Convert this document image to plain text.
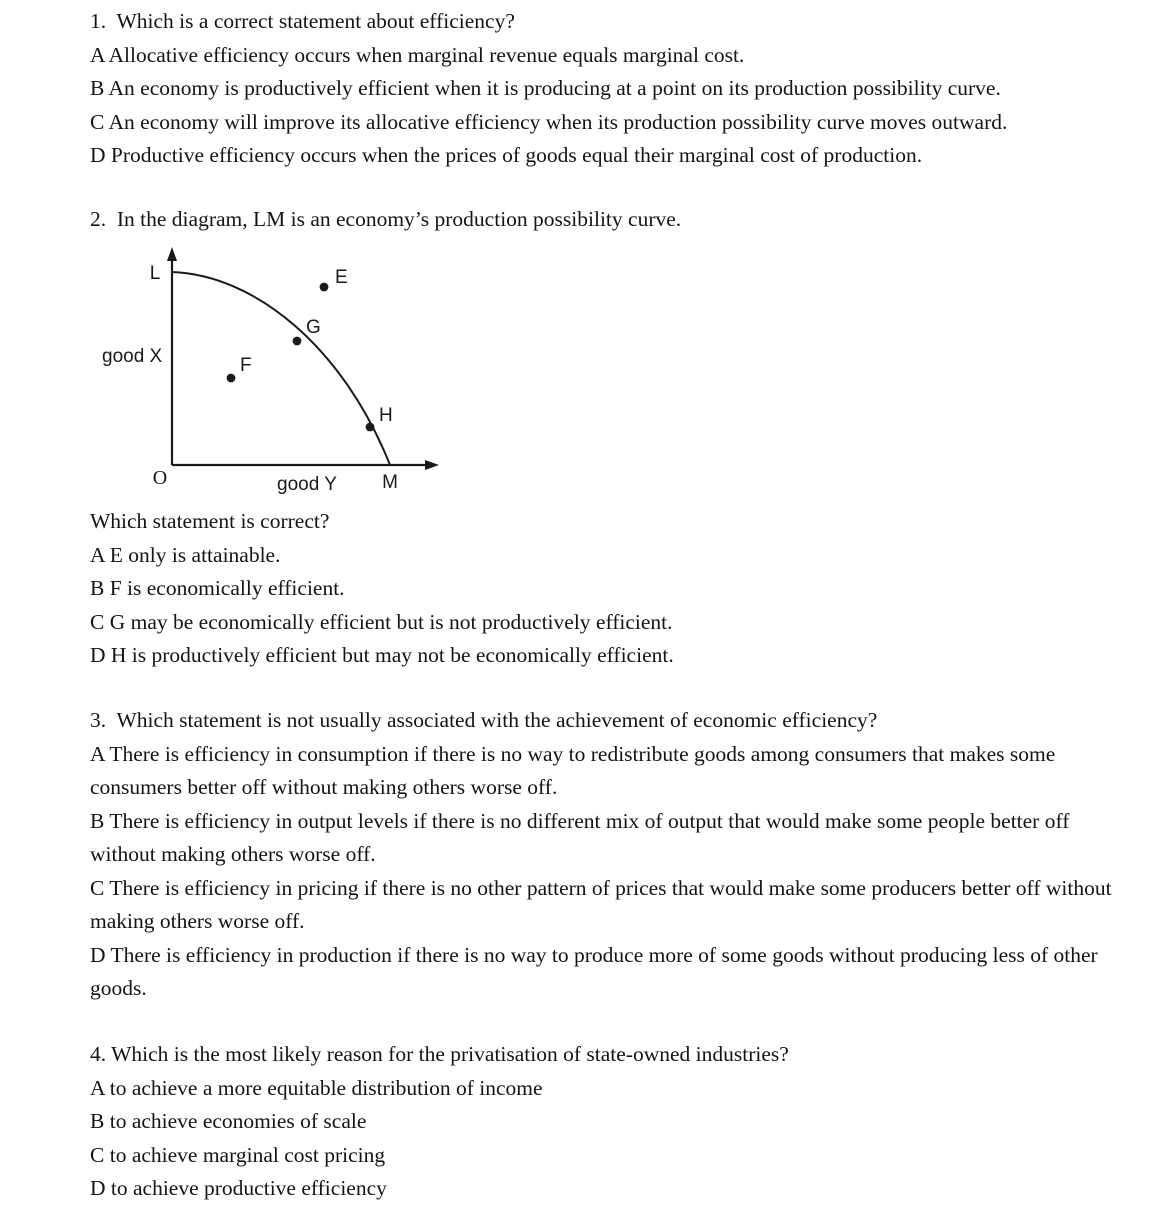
1. Which is a correct statement about efficiency?
A Allocative efficiency occurs when marginal revenue equals marginal cost.
B An economy is productively efficient when it is producing at a point on its production possibility curve.
C An economy will improve its allocative efficiency when its production possibility curve moves outward.
D Productive efficiency occurs when the prices of goods equal their marginal cost of production.
2. In the diagram, LM is an economy’s production possibility curve.
L	E
G
F
H
M
O
good X
good Y
Which statement is correct?
A E only is attainable.
B F is economically efficient.
C G may be economically efficient but is not productively efficient.
D H is productively efficient but may not be economically efficient.
3. Which statement is not usually associated with the achievement of economic efficiency?
A There is efficiency in consumption if there is no way to redistribute goods among consumers that makes some consumers better off without making others worse off.
B There is efficiency in output levels if there is no different mix of output that would make some people better off without making others worse off.
C There is efficiency in pricing if there is no other pattern of prices that would make some producers better off without making others worse off.
D There is efficiency in production if there is no way to produce more of some goods without producing less of other goods.
4. Which is the most likely reason for the privatisation of state-owned industries?
A to achieve a more equitable distribution of income
B to achieve economies of scale
C to achieve marginal cost pricing
D to achieve productive efficiency
